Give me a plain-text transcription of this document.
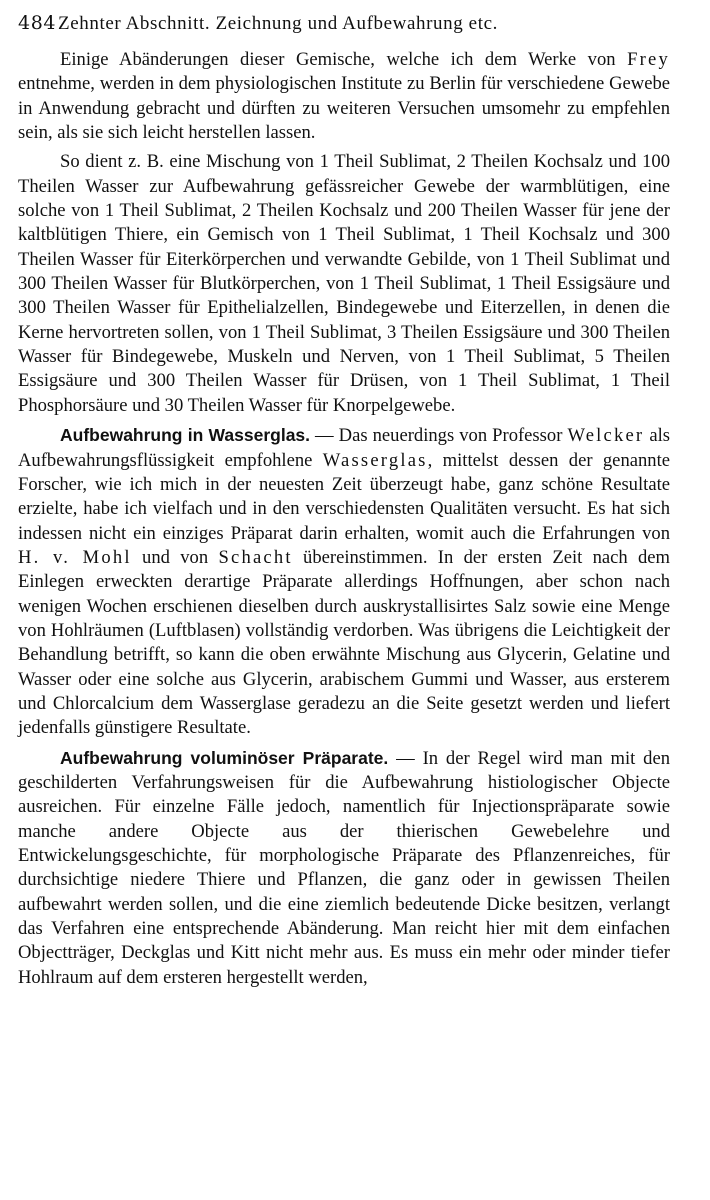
484 Zehnter Abschnitt. Zeichnung und Aufbewahrung etc.

Einige Abänderungen dieser Gemische, welche ich dem Werke von Frey entnehme, werden in dem physiologischen Institute zu Berlin für verschiedene Gewebe in Anwendung gebracht und dürften zu weiteren Versuchen umsomehr zu empfehlen sein, als sie sich leicht herstellen lassen.

So dient z. B. eine Mischung von 1 Theil Sublimat, 2 Theilen Kochsalz und 100 Theilen Wasser zur Aufbewahrung gefässreicher Gewebe der warmblütigen, eine solche von 1 Theil Sublimat, 2 Theilen Kochsalz und 200 Theilen Wasser für jene der kaltblütigen Thiere, ein Gemisch von 1 Theil Sublimat, 1 Theil Kochsalz und 300 Theilen Wasser für Eiterkörperchen und verwandte Gebilde, von 1 Theil Sublimat und 300 Theilen Wasser für Blutkörperchen, von 1 Theil Sublimat, 1 Theil Essigsäure und 300 Theilen Wasser für Epithelialzellen, Bindegewebe und Eiterzellen, in denen die Kerne hervortreten sollen, von 1 Theil Sublimat, 3 Theilen Essigsäure und 300 Theilen Wasser für Bindegewebe, Muskeln und Nerven, von 1 Theil Sublimat, 5 Theilen Essigsäure und 300 Theilen Wasser für Drüsen, von 1 Theil Sublimat, 1 Theil Phosphorsäure und 30 Theilen Wasser für Knorpelgewebe.

Aufbewahrung in Wasserglas. — Das neuerdings von Professor Welcker als Aufbewahrungsflüssigkeit empfohlene Wasserglas, mittelst dessen der genannte Forscher, wie ich mich in der neuesten Zeit überzeugt habe, ganz schöne Resultate erzielte, habe ich vielfach und in den verschiedensten Qualitäten versucht. Es hat sich indessen nicht ein einziges Präparat darin erhalten, womit auch die Erfahrungen von H. v. Mohl und von Schacht übereinstimmen. In der ersten Zeit nach dem Einlegen erweckten derartige Präparate allerdings Hoffnungen, aber schon nach wenigen Wochen erschienen dieselben durch auskrystallisirtes Salz sowie eine Menge von Hohlräumen (Luftblasen) vollständig verdorben. Was übrigens die Leichtigkeit der Behandlung betrifft, so kann die oben erwähnte Mischung aus Glycerin, Gelatine und Wasser oder eine solche aus Glycerin, arabischem Gummi und Wasser, aus ersterem und Chlorcalcium dem Wasserglase geradezu an die Seite gesetzt werden und liefert jedenfalls günstigere Resultate.

Aufbewahrung voluminöser Präparate. — In der Regel wird man mit den geschilderten Verfahrungsweisen für die Aufbewahrung histiologischer Objecte ausreichen. Für einzelne Fälle jedoch, namentlich für Injectionspräparate sowie manche andere Objecte aus der thierischen Gewebelehre und Entwickelungsgeschichte, für morphologische Präparate des Pflanzenreiches, für durchsichtige niedere Thiere und Pflanzen, die ganz oder in gewissen Theilen aufbewahrt werden sollen, und die eine ziemlich bedeutende Dicke besitzen, verlangt das Verfahren eine entsprechende Abänderung. Man reicht hier mit dem einfachen Objectträger, Deckglas und Kitt nicht mehr aus. Es muss ein mehr oder minder tiefer Hohlraum auf dem ersteren hergestellt werden,
